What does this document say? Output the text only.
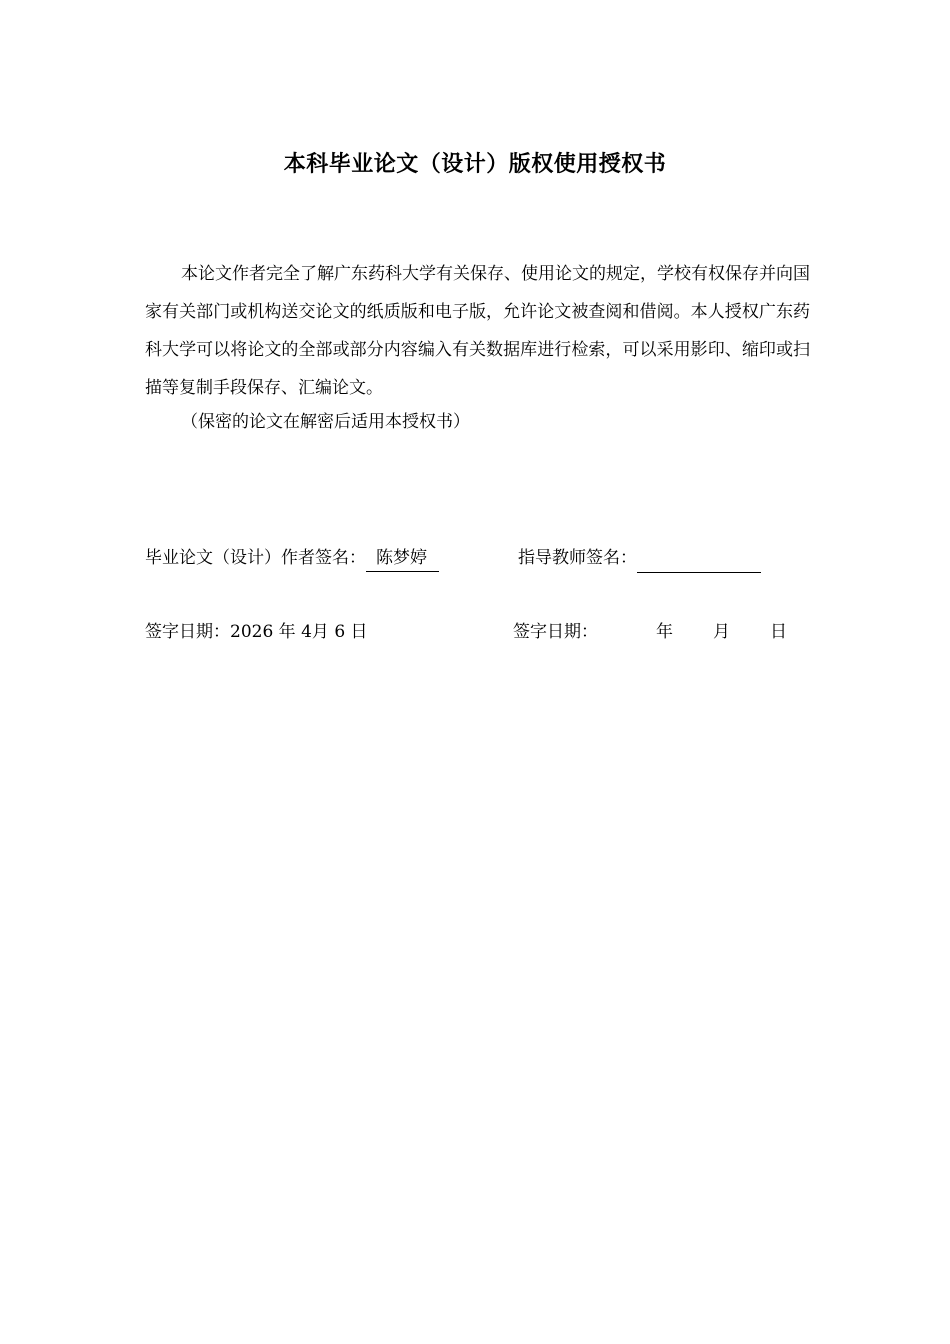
本科毕业论文（设计）版权使用授权书
本论文作者完全了解广东药科大学有关保存、使用论文的规定，学校有权保存并向国家有关部门或机构送交论文的纸质版和电子版，允许论文被查阅和借阅。本人授权广东药科大学可以将论文的全部或部分内容编入有关数据库进行检索，可以采用影印、缩印或扫描等复制手段保存、汇编论文。
（保密的论文在解密后适用本授权书）
毕业论文（设计）作者签名： 陈梦婷	指导教师签名：
签字日期：2026 年 4月 6 日	签字日期：	年 月 日
